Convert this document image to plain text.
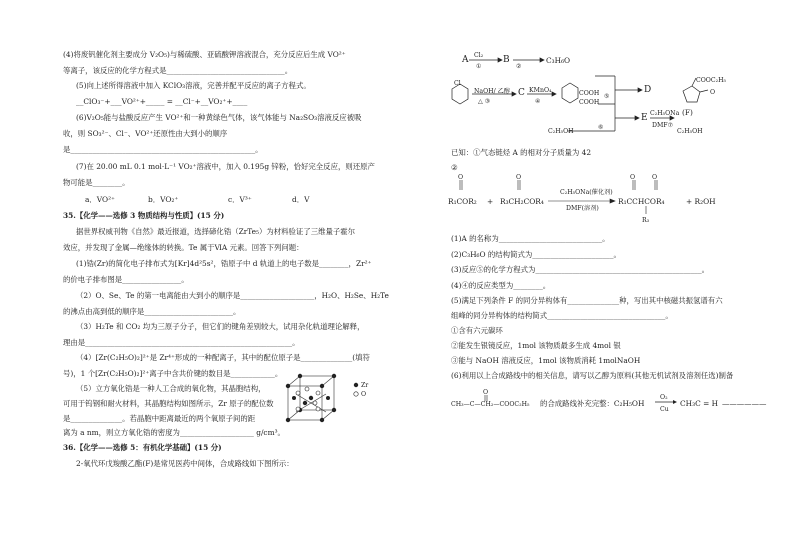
(4)将废钒催化剂主要成分 V₂O₅)与稀硫酸、亚硫酸钾溶液混合，充分反应后生成 VO²⁺
等离子，该反应的化学方程式是________________________________。
(5)向上述所得溶液中加入 KClO₃溶液，完善并配平反应的离子方程式。
__ClO₃⁻+___VO²⁺+_____ = __Cl⁻+__VO₂⁺+____
(6)V₂O₅能与盐酸反应产生 VO²⁺和一种黄绿色气体，该气体能与 Na₂SO₃溶液反应被吸
收，则 SO₃²⁻、Cl⁻、VO²⁺还原性由大到小的顺序
是__________________________________________________。
(7)在 20.00 mL 0.1 mol·L⁻¹ VO₂⁺溶液中，加入 0.195g 锌粉，恰好完全反应，则还原产
物可能是________。
a．VO²⁺	b．VO₂⁺	c．V³⁺	d．V
35.【化学——选修 3 物质结构与性质】(15 分)
据世界权威刊物《自然》最近报道，选择碲化锆（ZrTe₅）为材料验证了三维量子霍尔
效应，并发现了金属—绝缘体的转换。Te 属于ⅥA 元素。回答下列问题：
(1)锆(Zr)的简化电子排布式为[Kr]4d²5s²，锆原子中 d 轨道上的电子数是________，Zr²⁺
的价电子排布图是________________。
（2）O、Se、Te 的第一电离能由大到小的顺序是____________________，H₂O、H₂Se、H₂Te
的沸点由高到低的顺序是________________________。
（3）H₂Te 和 CO₂ 均为三原子分子，但它们的键角差别较大，试用杂化轨道理论解释，
理由是________________________________________________________。
（4）[Zr(C₂H₅O)₂]²⁺是 Zr⁴⁺形成的一种配离子，其中的配位原子是______________(填符
号)，1 个[Zr(C₂H₅O)₂]²⁺离子中含共价键的数目是____________。
（5）立方氧化锆是一种人工合成的氧化物，其晶胞结构，
可用于钨钢和耐火材料，其晶胞结构如图所示，Zr 原子的配位数
是______________。若晶胞中距离最近的两个氧原子间的距
离为 a nm，则立方氧化锆的密度为____________________ g/cm³。
36.【化学——选修 5：有机化学基础】(15 分)
2-氧代环戊羧酸乙酯(F)是常见医药中间体，合成路线如下图所示：
Zr
O
A Cl₂
①
B
②
C₃H₆O
Cl
NaOH/ 乙醇
△ ③
C KMnO₄
④
COOH
COOH
⑤
D
C₂H₅OH
⑥
E C₂H₅ONa
DMF⑦
COOC₂H₅
O
(F)
C₂H₅OH
已知：①气态链烃 A 的相对分子质量为 42
②
O	O	O	O
R₁COR₂ + R₃CH₂COR₄
C₂H₅ONa(催化剂)
DMF(溶剂)
R₁CCHCOR₄
R₃
+ R₂OH
(1)A 的名称为____________________________。
(2)C₃H₆O 的结构简式为______________________。
(3)反应⑤的化学方程式为_____________________________________________。
(4)④的反应类型为________。
(5)满足下列条件 F 的同分异构体有______________种，写出其中核磁共振氢谱有六
组峰的同分异构体的结构简式________________________________。
①含有六元碳环
②能发生银镜反应，1mol 该物质最多生成 4mol 银
③能与 NaOH 溶液反应，1mol 该物质消耗 1molNaOH
(6)利用以上合成路线中的相关信息，请写以乙醇为原料(其他无机试剂及溶剂任选)制备
O
CH₃—C—CH₂—COOC₂H₅ 的合成路线补充完整：C₂H₅OH
O₂
Cu
CH₃C = H ——————
